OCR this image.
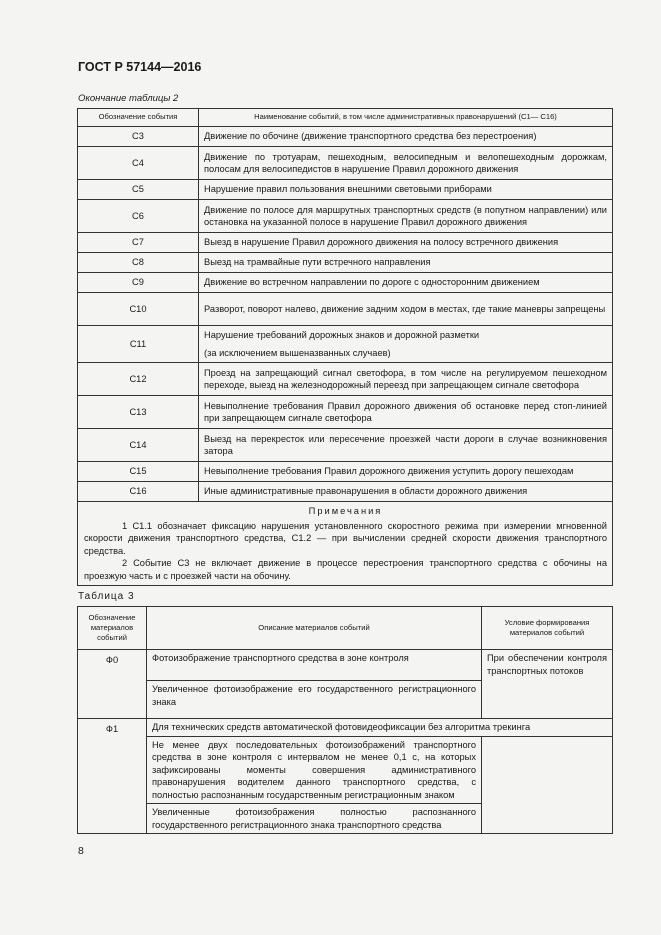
ГОСТ Р 57144—2016
Окончание таблицы 2
Обозначение события	Наименование событий, в том числе административных правонарушений (С1— С16)
С3	Движение по обочине (движение транспортного средства без перестроения)

С4	Движение по тротуарам, пешеходным, велосипедным и велопешеходным дорожкам, полосам для велосипедистов в нарушение Правил дорожного движения

С5	Нарушение правил пользования внешними световыми приборами

С6	Движение по полосе для маршрутных транспортных средств (в попутном направлении) или остановка на указанной полосе в нарушение Правил дорожного движения

С7	Выезд в нарушение Правил дорожного движения на полосу встречного движения

С8	Выезд на трамвайные пути встречного направления

С9	Движение во встречном направлении по дороге с односторонним движением

С10	Разворот, поворот налево, движение задним ходом в местах, где такие маневры запрещены

С11	Нарушение требований дорожных знаков и дорожной разметки
(за исключением вышеназванных случаев)

С12	Проезд на запрещающий сигнал светофора, в том числе на регулируемом пешеходном переходе, выезд на железнодорожный переезд при запрещающем сигнале светофора

С13	Невыполнение требования Правил дорожного движения об остановке перед стоп-линией при запрещающем сигнале светофора

С14	Выезд на перекресток или пересечение проезжей части дороги в случае возникновения затора

С15	Невыполнение требования Правил дорожного движения уступить дорогу пешеходам

С16	Иные административные правонарушения в области дорожного движения

Примечания

1 С1.1 обозначает фиксацию нарушения установленного скоростного режима при измерении мгновенной скорости движения транспортного средства, С1.2 — при вычислении средней скорости движения транспортного средства.

2 Событие С3 не включает движение в процессе перестроения транспортного средства с обочины на проезжую часть и с проезжей части на обочину.	

Таблица 3
Обозначение материалов событий	Описание материалов событий	Условие формирования материалов событий
Ф0	Фотоизображение транспортного средства в зоне контроля	При обеспечении контроля транспортных потоков
	Увеличенное фотоизображение его государственного регистрационного знака	
Ф1	Для технических средств автоматической фотовидеофиксации без алгоритма трекинга	
	Не менее двух последовательных фотоизображений транспортного средства в зоне контроля с интервалом не менее 0,1 с, на которых зафиксированы моменты совершения административного правонарушения водителем данного транспортного средства, с полностью распознанным государственным регистрационным знаком	
	Увеличенные фотоизображения полностью распознанного государственного регистрационного знака транспортного средства	
8
